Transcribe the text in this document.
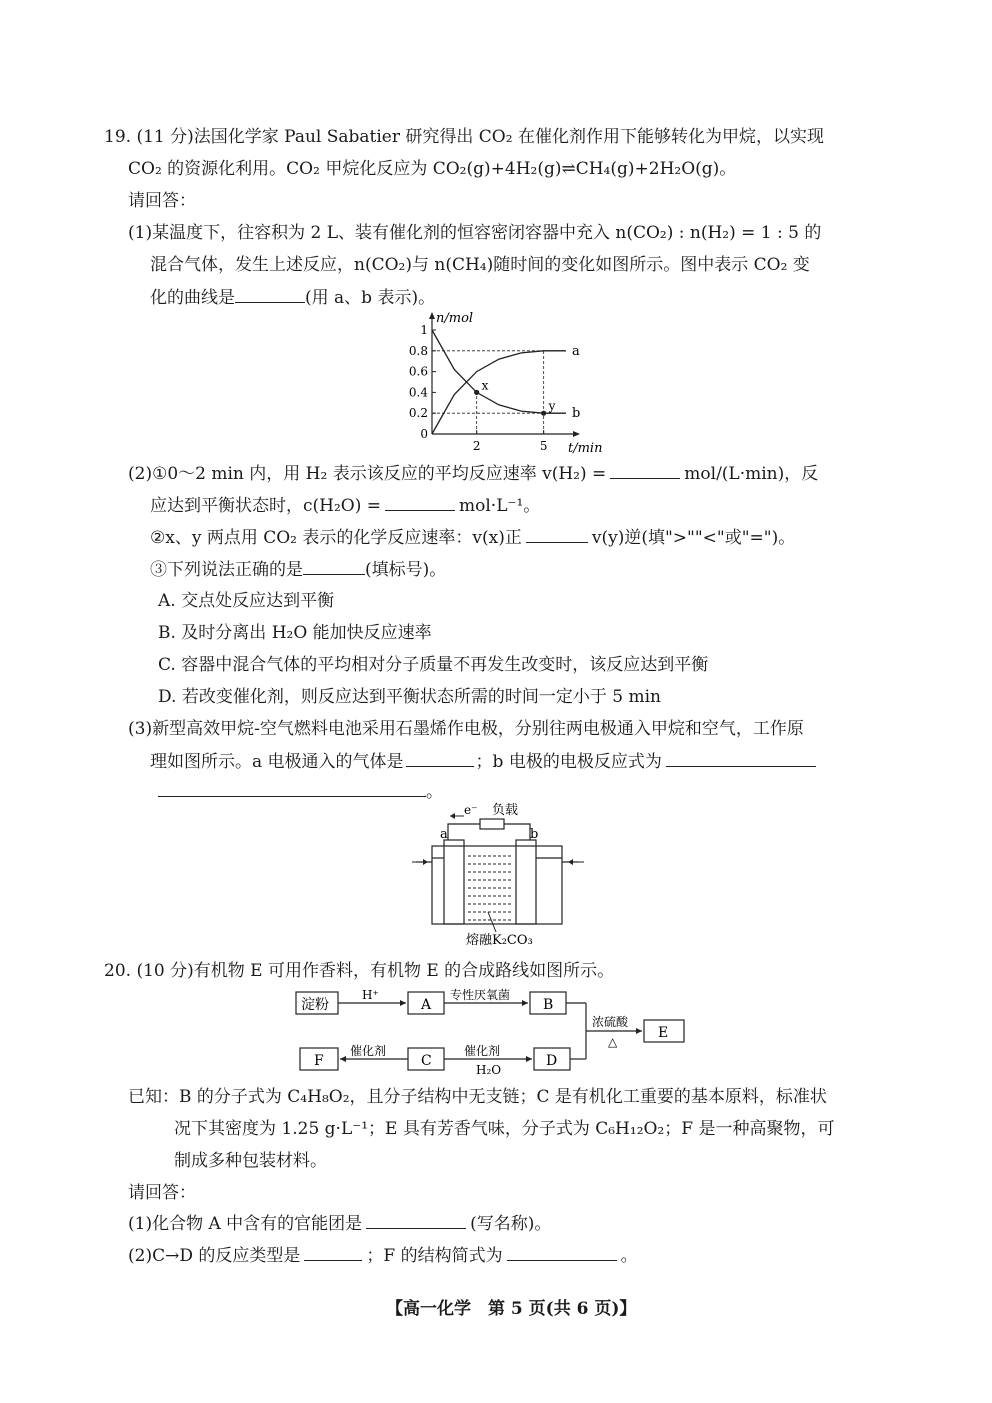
19. (11 分)法国化学家 Paul Sabatier 研究得出 CO₂ 在催化剂作用下能够转化为甲烷，以实现
CO₂ 的资源化利用。CO₂ 甲烷化反应为 CO₂(g)+4H₂(g)⇌CH₄(g)+2H₂O(g)。
请回答：
(1)某温度下，往容积为 2 L、装有催化剂的恒容密闭容器中充入 n(CO₂) : n(H₂) = 1 : 5 的
混合气体，发生上述反应，n(CO₂)与 n(CH₄)随时间的变化如图所示。图中表示 CO₂ 变
化的曲线是	(用 a、b 表示)。
n/mol
t/min
0
0.2
0.4
0.6
0.8
1
2	5
a
b
x
y
(2)①0～2 min 内，用 H₂ 表示该反应的平均反应速率 v(H₂) =	mol/(L·min)，反
应达到平衡状态时，c(H₂O) =	mol·L⁻¹。
②x、y 两点用 CO₂ 表示的化学反应速率：v(x)正	v(y)逆(填">""<"或"=")。
③下列说法正确的是	(填标号)。
A. 交点处反应达到平衡
B. 及时分离出 H₂O 能加快反应速率
C. 容器中混合气体的平均相对分子质量不再发生改变时，该反应达到平衡
D. 若改变催化剂，则反应达到平衡状态所需的时间一定小于 5 min
(3)新型高效甲烷-空气燃料电池采用石墨烯作电极，分别往两电极通入甲烷和空气，工作原
理如图所示。a 电极通入的气体是	；b 电极的电极反应式为
。
e⁻ 负载
a	b
熔融K₂CO₃
20. (10 分)有机物 E 可用作香料，有机物 E 的合成路线如图所示。
淀粉	A	B
E
F	C	D
H⁺	专性厌氧菌
浓硫酸
△
催化剂	催化剂
H₂O
已知：B 的分子式为 C₄H₈O₂，且分子结构中无支链；C 是有机化工重要的基本原料，标准状
况下其密度为 1.25 g·L⁻¹；E 具有芳香气味，分子式为 C₆H₁₂O₂；F 是一种高聚物，可
制成多种包装材料。
请回答：
(1)化合物 A 中含有的官能团是	(写名称)。
(2)C→D 的反应类型是	；F 的结构简式为	。
【高一化学　第 5 页(共 6 页)】
